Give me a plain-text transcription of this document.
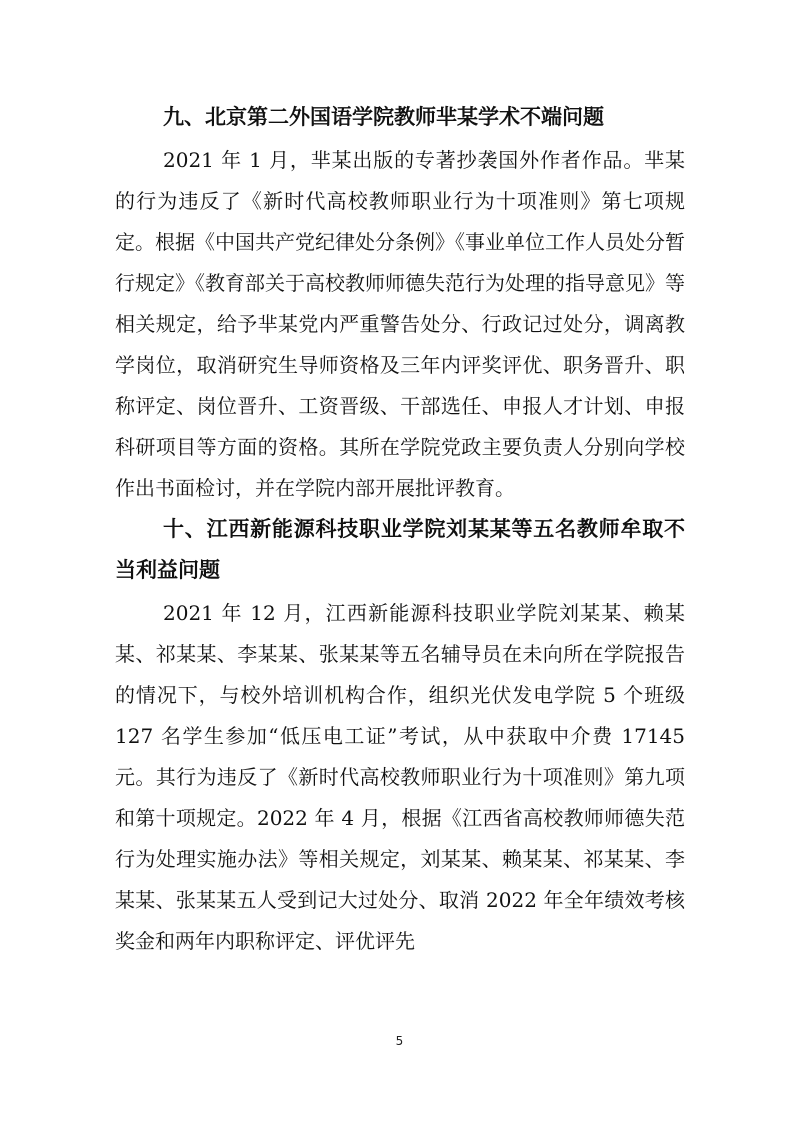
九、北京第二外国语学院教师芈某学术不端问题

2021 年 1 月，芈某出版的专著抄袭国外作者作品。芈某的行为违反了《新时代高校教师职业行为十项准则》第七项规定。根据《中国共产党纪律处分条例》《事业单位工作人员处分暂行规定》《教育部关于高校教师师德失范行为处理的指导意见》等相关规定，给予芈某党内严重警告处分、行政记过处分，调离教学岗位，取消研究生导师资格及三年内评奖评优、职务晋升、职称评定、岗位晋升、工资晋级、干部选任、申报人才计划、申报科研项目等方面的资格。其所在学院党政主要负责人分别向学校作出书面检讨，并在学院内部开展批评教育。

十、江西新能源科技职业学院刘某某等五名教师牟取不当利益问题

2021 年 12 月，江西新能源科技职业学院刘某某、赖某某、祁某某、李某某、张某某等五名辅导员在未向所在学院报告的情况下，与校外培训机构合作，组织光伏发电学院 5 个班级 127 名学生参加“低压电工证”考试，从中获取中介费 17145 元。其行为违反了《新时代高校教师职业行为十项准则》第九项和第十项规定。2022 年 4 月，根据《江西省高校教师师德失范行为处理实施办法》等相关规定，刘某某、赖某某、祁某某、李某某、张某某五人受到记大过处分、取消 2022 年全年绩效考核奖金和两年内职称评定、评优评先

5
